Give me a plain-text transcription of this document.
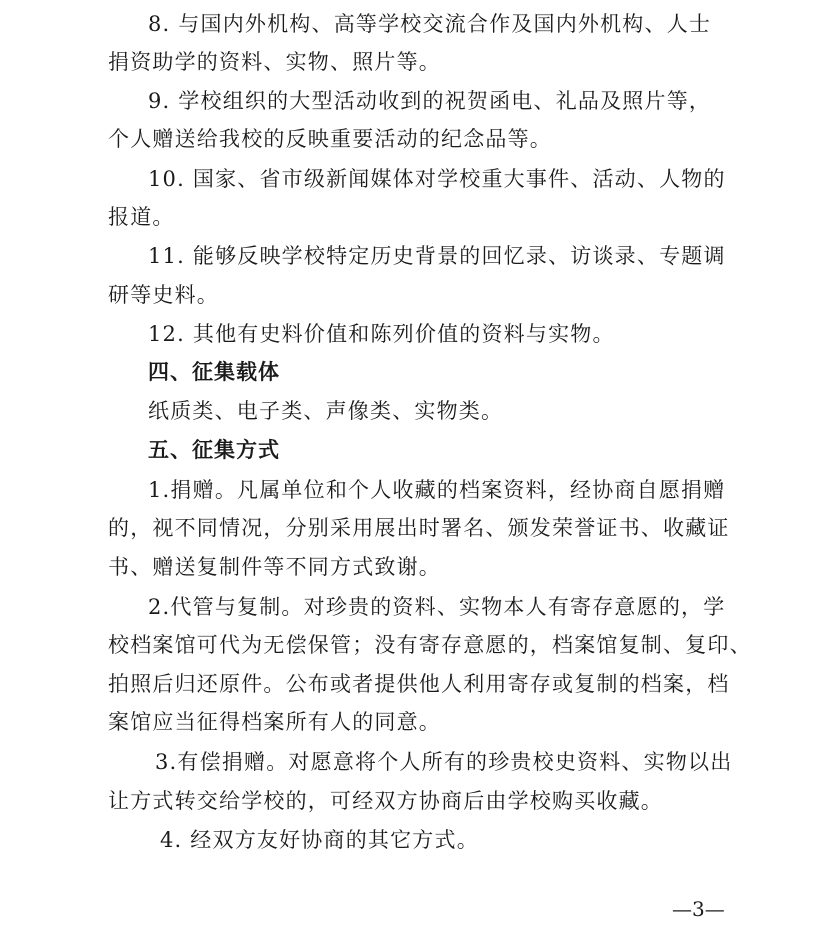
8. 与国内外机构、高等学校交流合作及国内外机构、人士
捐资助学的资料、实物、照片等。
9. 学校组织的大型活动收到的祝贺函电、礼品及照片等，
个人赠送给我校的反映重要活动的纪念品等。
10. 国家、省市级新闻媒体对学校重大事件、活动、人物的
报道。
11. 能够反映学校特定历史背景的回忆录、访谈录、专题调
研等史料。
12. 其他有史料价值和陈列价值的资料与实物。
四、征集载体
纸质类、电子类、声像类、实物类。
五、征集方式
1.捐赠。凡属单位和个人收藏的档案资料，经协商自愿捐赠
的，视不同情况，分别采用展出时署名、颁发荣誉证书、收藏证
书、赠送复制件等不同方式致谢。
2.代管与复制。对珍贵的资料、实物本人有寄存意愿的，学
校档案馆可代为无偿保管；没有寄存意愿的，档案馆复制、复印、
拍照后归还原件。公布或者提供他人利用寄存或复制的档案，档
案馆应当征得档案所有人的同意。
3.有偿捐赠。对愿意将个人所有的珍贵校史资料、实物以出
让方式转交给学校的，可经双方协商后由学校购买收藏。
4. 经双方友好协商的其它方式。
—3—
